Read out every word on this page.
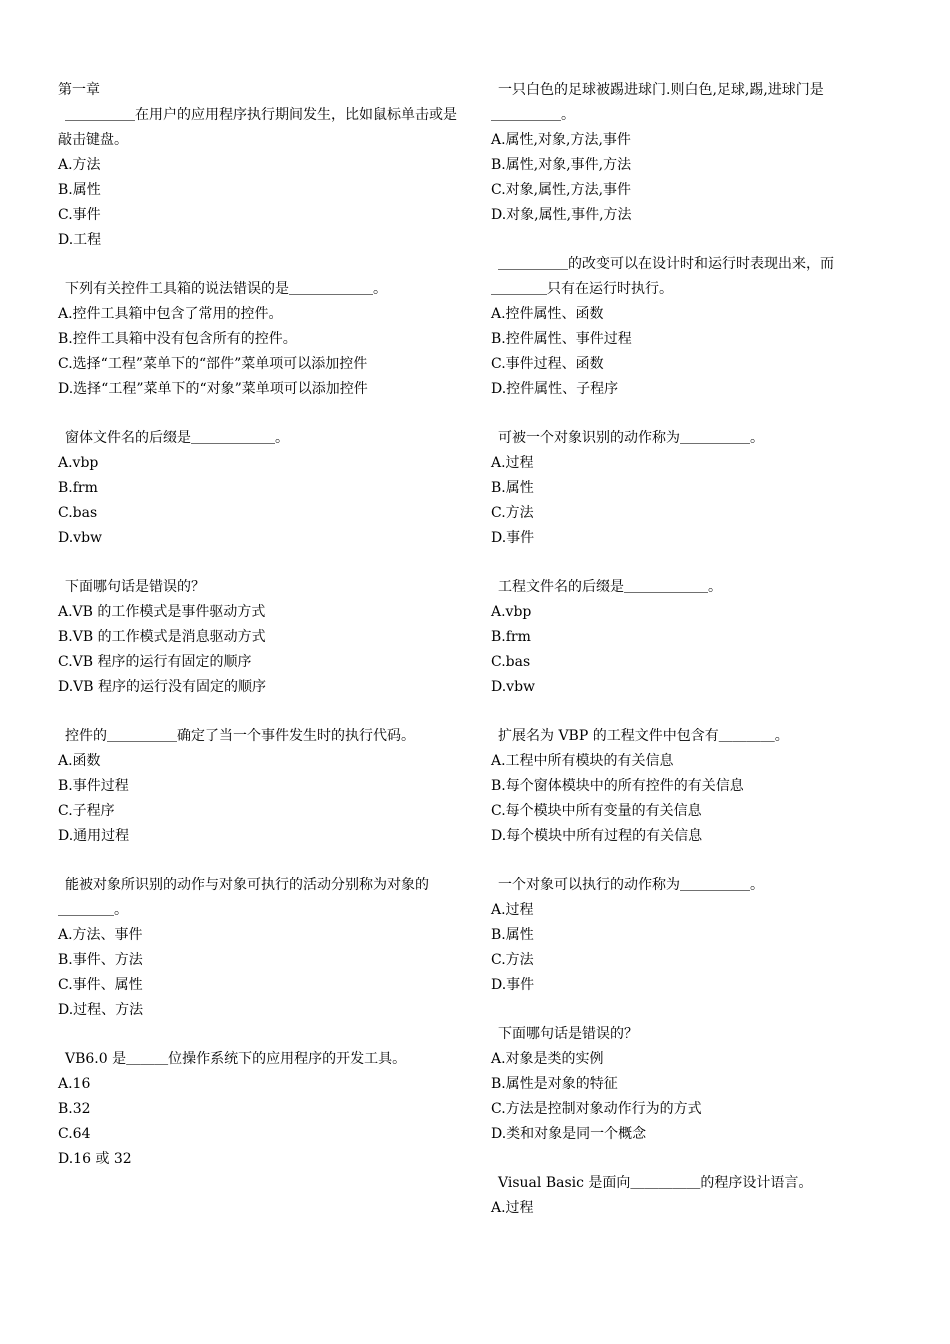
第一章
＿＿＿＿＿在用户的应用程序执行期间发生，比如鼠标单击或是
敲击键盘。
A.方法
B.属性
C.事件
D.工程
下列有关控件工具箱的说法错误的是＿＿＿＿＿＿。
A.控件工具箱中包含了常用的控件。
B.控件工具箱中没有包含所有的控件。
C.选择“工程”菜单下的“部件”菜单项可以添加控件
D.选择“工程”菜单下的“对象”菜单项可以添加控件
窗体文件名的后缀是＿＿＿＿＿＿。
A.vbp
B.frm
C.bas
D.vbw
下面哪句话是错误的？
A.VB 的工作模式是事件驱动方式
B.VB 的工作模式是消息驱动方式
C.VB 程序的运行有固定的顺序
D.VB 程序的运行没有固定的顺序
控件的＿＿＿＿＿确定了当一个事件发生时的执行代码。
A.函数
B.事件过程
C.子程序
D.通用过程
能被对象所识别的动作与对象可执行的活动分别称为对象的
＿＿＿＿。
A.方法、事件
B.事件、方法
C.事件、属性
D.过程、方法
VB6.0 是＿＿＿位操作系统下的应用程序的开发工具。
A.16
B.32
C.64
D.16 或 32
一只白色的足球被踢进球门.则白色,足球,踢,进球门是
＿＿＿＿＿。
A.属性,对象,方法,事件
B.属性,对象,事件,方法
C.对象,属性,方法,事件
D.对象,属性,事件,方法
＿＿＿＿＿的改变可以在设计时和运行时表现出来，而
＿＿＿＿只有在运行时执行。
A.控件属性、函数
B.控件属性、事件过程
C.事件过程、函数
D.控件属性、子程序
可被一个对象识别的动作称为＿＿＿＿＿。
A.过程
B.属性
C.方法
D.事件
工程文件名的后缀是＿＿＿＿＿＿。
A.vbp
B.frm
C.bas
D.vbw
扩展名为 VBP 的工程文件中包含有＿＿＿＿。
A.工程中所有模块的有关信息
B.每个窗体模块中的所有控件的有关信息
C.每个模块中所有变量的有关信息
D.每个模块中所有过程的有关信息
一个对象可以执行的动作称为＿＿＿＿＿。
A.过程
B.属性
C.方法
D.事件
下面哪句话是错误的？
A.对象是类的实例
B.属性是对象的特征
C.方法是控制对象动作行为的方式
D.类和对象是同一个概念
Visual Basic 是面向＿＿＿＿＿的程序设计语言。
A.过程
